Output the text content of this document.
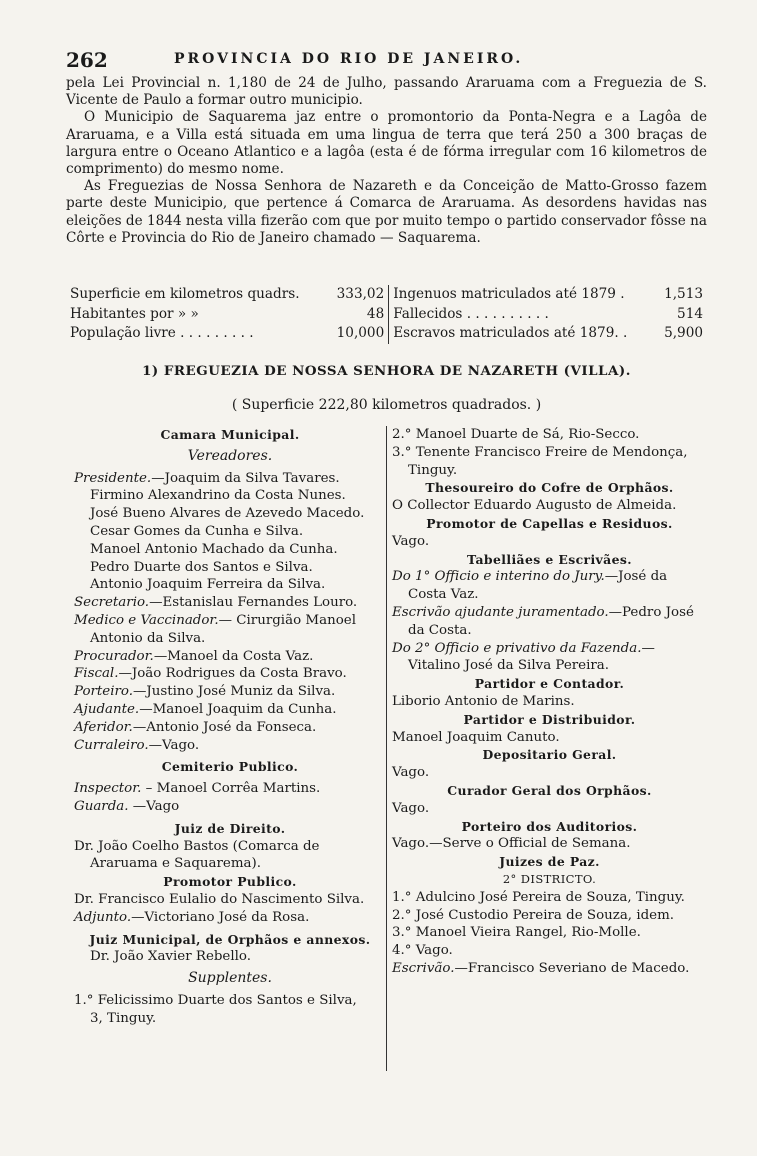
262	PROVINCIA DO RIO DE JANEIRO.

pela Lei Provincial n. 1,180 de 24 de Julho, passando Araruama com a Freguezia de S. Vicente de Paulo a formar outro municipio.

O Municipio de Saquarema jaz entre o promontorio da Ponta-Negra e a Lagôa de Araruama, e a Villa está situada em uma lingua de terra que terá 250 a 300 braças de largura entre o Oceano Atlantico e a lagôa (esta é de fórma irregular com 16 kilometros de comprimento) do mesmo nome.

As Freguezias de Nossa Senhora de Nazareth e da Conceição de Matto-Grosso fazem parte deste Municipio, que pertence á Comarca de Araruama. As desordens havidas nas eleições de 1844 nesta villa fizerão com que por muito tempo o partido conservador fôsse na Côrte e Provincia do Rio de Janeiro chamado — Saquarema.

Superficie em kilometros quadrs.	333,02	Ingenuos matriculados até 1879 .	1,513
Habitantes por » »	48	Fallecidos . . . . . . . . . .	514
População livre . . . . . . . . .	10,000	Escravos matriculados até 1879. .	5,900
1) FREGUEZIA DE NOSSA SENHORA DE NAZARETH (VILLA).
( Superficie 222,80 kilometros quadrados. )

Camara Municipal.

Vereadores.

Presidente.—Joaquim da Silva Tavares.

Firmino Alexandrino da Costa Nunes.

José Bueno Alvares de Azevedo Macedo.

Cesar Gomes da Cunha e Silva.

Manoel Antonio Machado da Cunha.

Pedro Duarte dos Santos e Silva.

Antonio Joaquim Ferreira da Silva.

Secretario.—Estanislau Fernandes Louro.

Medico e Vaccinador.— Cirurgião Manoel Antonio da Silva.

Procurador.—Manoel da Costa Vaz.

Fiscal.—João Rodrigues da Costa Bravo.

Porteiro.—Justino José Muniz da Silva.

Ajudante.—Manoel Joaquim da Cunha.

Aferidor.—Antonio José da Fonseca.

Curraleiro.—Vago.

Cemiterio Publico.

Inspector. – Manoel Corrêa Martins.

Guarda. —Vago

Juiz de Direito.

Dr. João Coelho Bastos (Comarca de Araruama e Saquarema).

Promotor Publico.

Dr. Francisco Eulalio do Nascimento Silva.

Adjunto.—Victoriano José da Rosa.

Juiz Municipal, de Orphãos e annexos.

Dr. João Xavier Rebello.

Supplentes.

1.° Felicissimo Duarte dos Santos e Silva,

3, Tinguy.

2.° Manoel Duarte de Sá, Rio-Secco.

3.° Tenente Francisco Freire de Mendonça, Tinguy.

Thesoureiro do Cofre de Orphãos.

O Collector Eduardo Augusto de Almeida.

Promotor de Capellas e Residuos.

Vago.

Tabelliães e Escrivães.

Do 1° Officio e interino do Jury.—José da Costa Vaz.

Escrivão ajudante juramentado.—Pedro José da Costa.

Do 2° Officio e privativo da Fazenda.—Vitalino José da Silva Pereira.

Partidor e Contador.

Liborio Antonio de Marins.

Partidor e Distribuidor.

Manoel Joaquim Canuto.

Depositario Geral.

Vago.

Curador Geral dos Orphãos.

Vago.

Porteiro dos Auditorios.

Vago.—Serve o Official de Semana.

Juizes de Paz.

2° DISTRICTO.

1.° Adulcino José Pereira de Souza, Tinguy.

2.° José Custodio Pereira de Souza, idem.

3.° Manoel Vieira Rangel, Rio-Molle.

4.° Vago.

Escrivão.—Francisco Severiano de Macedo.
